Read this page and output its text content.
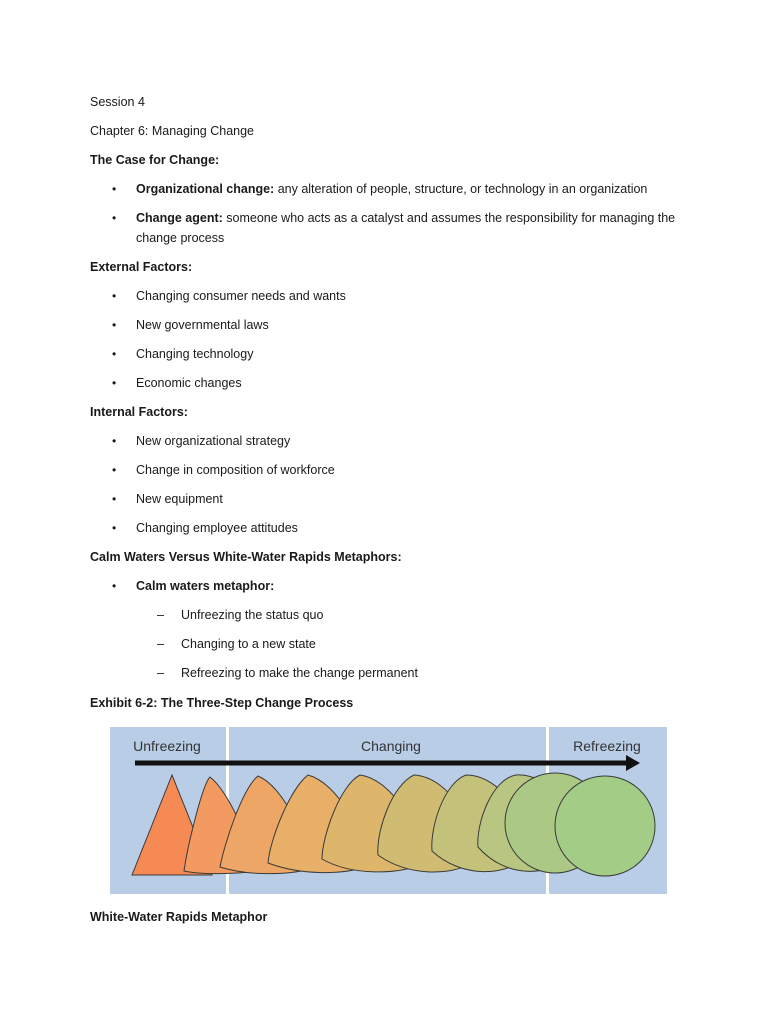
Session 4
Chapter 6: Managing Change
The Case for Change:
• Organizational change: any alteration of people, structure, or technology in an organization
• Change agent: someone who acts as a catalyst and assumes the responsibility for managing the
change process
External Factors:
• Changing consumer needs and wants
• New governmental laws
• Changing technology
• Economic changes
Internal Factors:
• New organizational strategy
• Change in composition of workforce
• New equipment
• Changing employee attitudes
Calm Waters Versus White-Water Rapids Metaphors:
• Calm waters metaphor:
– Unfreezing the status quo
– Changing to a new state
– Refreezing to make the change permanent
Exhibit 6-2: The Three-Step Change Process
Unfreezing	Changing	Refreezing
White-Water Rapids Metaphor
